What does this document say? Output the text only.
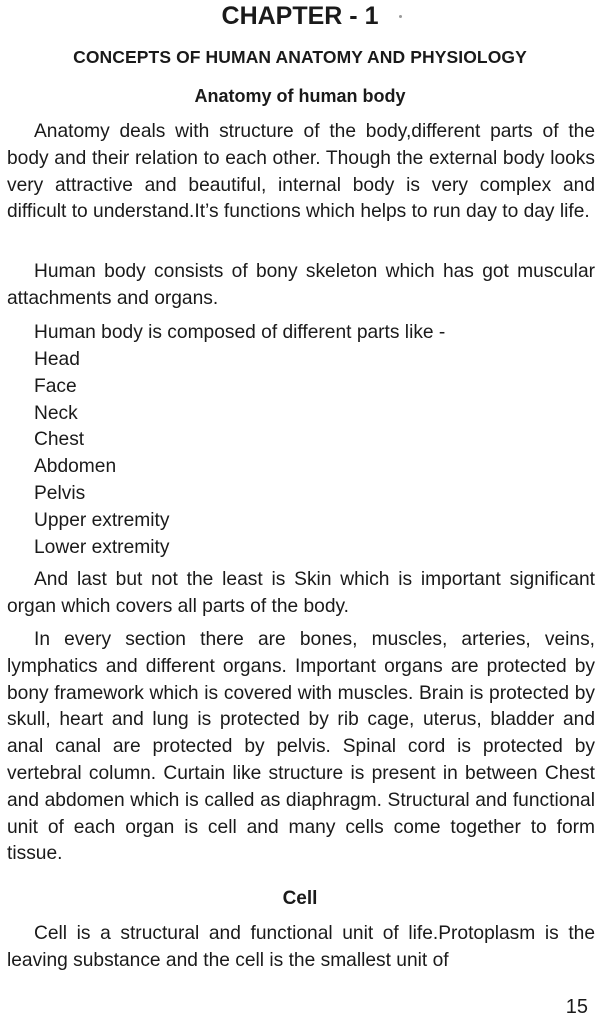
CHAPTER - 1
CONCEPTS OF HUMAN ANATOMY AND PHYSIOLOGY
Anatomy of human body

Anatomy deals with structure of the body,different parts of the body and their relation to each other. Though the external body looks very attractive and beautiful, internal body is very complex and difficult to understand.It’s functions which helps to run day to day life.

Human body consists of bony skeleton which has got muscular attachments and organs.

Human body is composed of different parts like -

Head
Face
Neck
Chest
Abdomen
Pelvis
Upper extremity
Lower extremity

And last but not the least is Skin which is important significant organ which covers all parts of the body.

In every section there are bones, muscles, arteries, veins, lymphatics and different organs. Important organs are protected by bony framework which is covered with muscles. Brain is protected by skull, heart and lung is protected by rib cage, uterus, bladder and anal canal are protected by pelvis. Spinal cord is protected by vertebral column. Curtain like structure is present in between Chest and abdomen which is called as diaphragm. Structural and functional unit of each organ is cell and many cells come together to form tissue.

Cell

Cell is a structural and functional unit of life.Protoplasm is the leaving substance and the cell is the smallest unit of

15
